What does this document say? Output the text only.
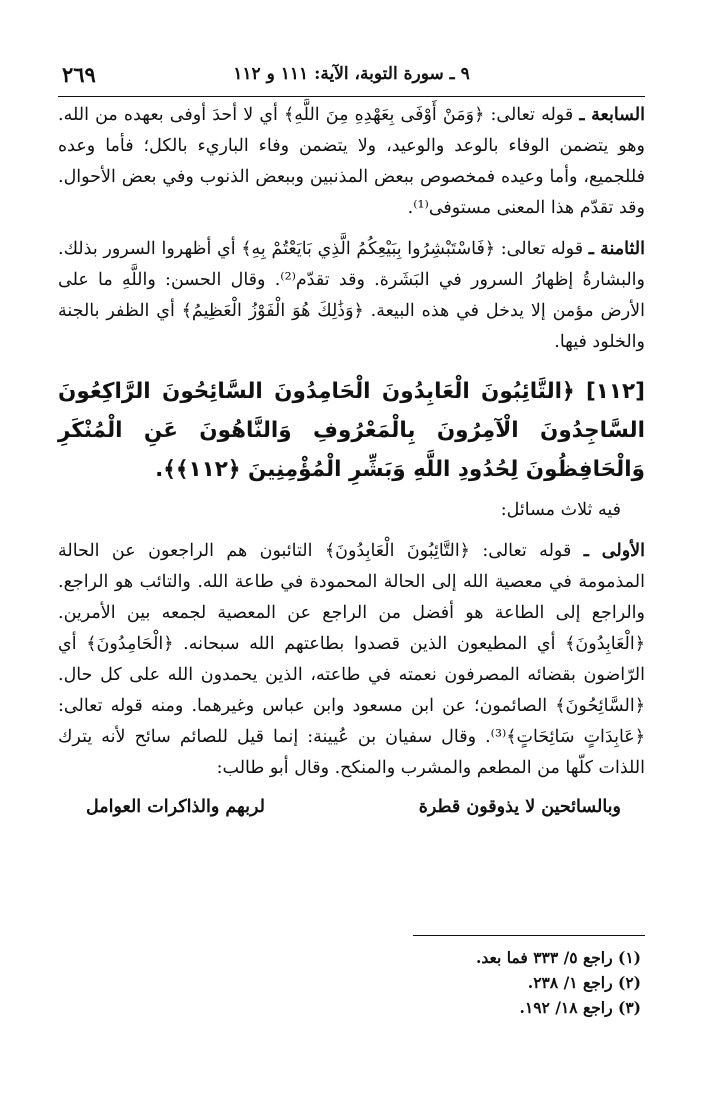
٢٦٩	٩ ـ سورة التوبة، الآية: ١١١ و ١١٢

السابعة ـ قوله تعالى: ﴿وَمَنْ أَوْفَى بِعَهْدِهِ مِنَ اللَّهِ﴾ أي لا أحدَ أوفى بعهده من الله. وهو يتضمن الوفاء بالوعد والوعيد، ولا يتضمن وفاء الباريء بالكل؛ فأما وعده فللجميع، وأما وعيده فمخصوص ببعض المذنبين وببعض الذنوب وفي بعض الأحوال. وقد تقدّم هذا المعنى مستوفى⁽¹⁾.

الثامنة ـ قوله تعالى: ﴿فَاسْتَبْشِرُوا بِبَيْعِكُمُ الَّذِي بَايَعْتُمْ بِهِ﴾ أي أظهروا السرور بذلك. والبشارةُ إظهارُ السرور في البَشَرة. وقد تقدّم⁽²⁾. وقال الحسن: واللَّهِ ما على الأرض مؤمن إلا يدخل في هذه البيعة. ﴿وَذَٰلِكَ هُوَ الْفَوْزُ الْعَظِيمُ﴾ أي الظفر بالجنة والخلود فيها.

[١١٢] ﴿التَّائِبُونَ الْعَابِدُونَ الْحَامِدُونَ السَّائِحُونَ الرَّاكِعُونَ السَّاجِدُونَ الْآمِرُونَ بِالْمَعْرُوفِ وَالنَّاهُونَ عَنِ الْمُنْكَرِ وَالْحَافِظُونَ لِحُدُودِ اللَّهِ وَبَشِّرِ الْمُؤْمِنِينَ ﴿١١٢﴾﴾.

فيه ثلاث مسائل:

الأولى ـ قوله تعالى: ﴿التَّائِبُونَ الْعَابِدُونَ﴾ التائبون هم الراجعون عن الحالة المذمومة في معصية الله إلى الحالة المحمودة في طاعة الله. والتائب هو الراجع. والراجع إلى الطاعة هو أفضل من الراجع عن المعصية لجمعه بين الأمرين. ﴿الْعَابِدُونَ﴾ أي المطيعون الذين قصدوا بطاعتهم الله سبحانه. ﴿الْحَامِدُونَ﴾ أي الرّاضون بقضائه المصرفون نعمته في طاعته، الذين يحمدون الله على كل حال. ﴿السَّائِحُونَ﴾ الصائمون؛ عن ابن مسعود وابن عباس وغيرهما. ومنه قوله تعالى: ﴿عَابِدَاتٍ سَائِحَاتٍ﴾⁽³⁾. وقال سفيان بن عُيينة: إنما قيل للصائم سائح لأنه يترك اللذات كلّها من المطعم والمشرب والمنكح. وقال أبو طالب:

وبالسائحين لا يذوقون قطرة
لربهم والذاكرات العوامل
(١) راجع ٥/ ٣٣٣ فما بعد.
(٢) راجع ١/ ٢٣٨.
(٣) راجع ١٨/ ١٩٢.
